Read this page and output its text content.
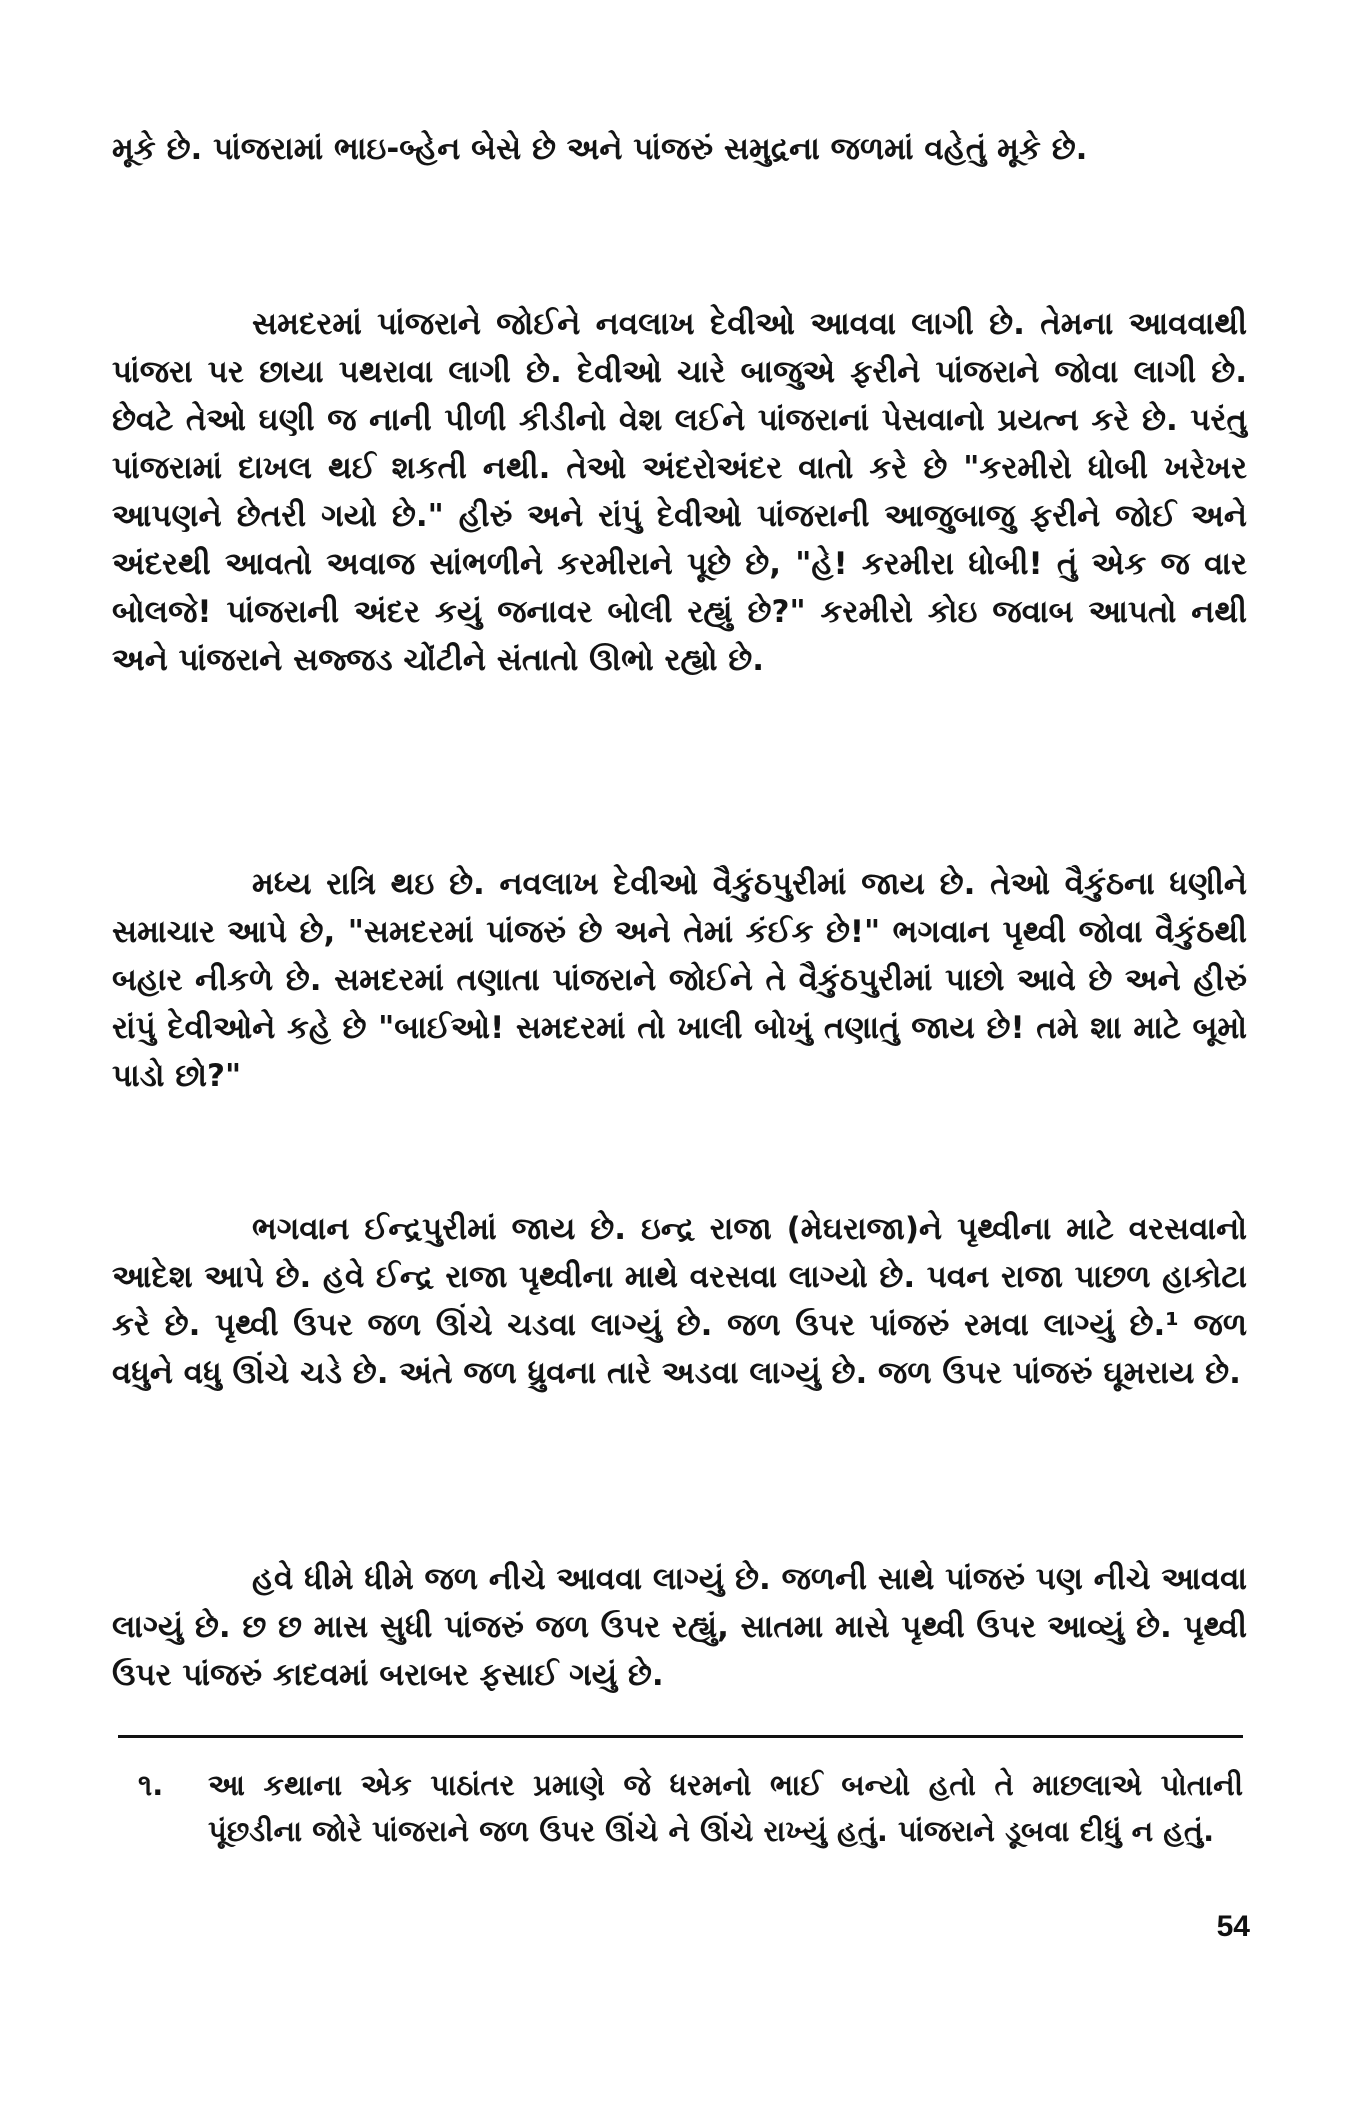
મૂકે છે. પાંજરામાં ભાઇ-બ્હેન બેસે છે અને પાંજરું સમુદ્રના જળમાં વહેતું મૂકે છે.

સમદરમાં પાંજરાને જોઈને નવલાખ દેવીઓ આવવા લાગી છે. તેમના આવવાથી પાંજરા પર છાયા પથરાવા લાગી છે. દેવીઓ ચારે બાજુએ ફરીને પાંજરાને જોવા લાગી છે. છેવટે તેઓ ઘણી જ નાની પીળી કીડીનો વેશ લઈને પાંજરાનાં પેસવાનો પ્રયત્ન કરે છે. પરંતુ પાંજરામાં દાખલ થઈ શકતી નથી. તેઓ અંદરોઅંદર વાતો કરે છે "કરમીરો ધોબી ખરેખર આપણને છેતરી ગયો છે." હીરું અને રાંપું દેવીઓ પાંજરાની આજુબાજુ ફરીને જોઈ અને અંદરથી આવતો અવાજ સાંભળીને કરમીરાને પૂછે છે, "હે! કરમીરા ધોબી! તું એક જ વાર બોલજે! પાંજરાની અંદર કયું જનાવર બોલી રહ્યું છે?" કરમીરો કોઇ જવાબ આપતો નથી અને પાંજરાને સજ્જડ ચોંટીને સંતાતો ઊભો રહ્યો છે.

મધ્ય રાત્રિ થઇ છે. નવલાખ દેવીઓ વૈકુંઠપુરીમાં જાય છે. તેઓ વૈકુંઠના ધણીને સમાચાર આપે છે, "સમદરમાં પાંજરું છે અને તેમાં કંઈક છે!" ભગવાન પૃથ્વી જોવા વૈકુંઠથી બહાર નીકળે છે. સમદરમાં તણાતા પાંજરાને જોઈને તે વૈકુંઠપુરીમાં પાછો આવે છે અને હીરું રાંપું દેવીઓને કહે છે "બાઈઓ! સમદરમાં તો ખાલી બોખું તણાતું જાય છે! તમે શા માટે બૂમો પાડો છો?"

ભગવાન ઈન્દ્રપુરીમાં જાય છે. ઇન્દ્ર રાજા (મેઘરાજા)ને પૃથ્વીના માટે વરસવાનો આદેશ આપે છે. હવે ઈન્દ્ર રાજા પૃથ્વીના માથે વરસવા લાગ્યો છે. પવન રાજા પાછળ હાકોટા કરે છે. પૃથ્વી ઉપર જળ ઊંચે ચડવા લાગ્યું છે. જળ ઉપર પાંજરું રમવા લાગ્યું છે.¹ જળ વધુને વધુ ઊંચે ચડે છે. અંતે જળ ધ્રુવના તારે અડવા લાગ્યું છે. જળ ઉપર પાંજરું ઘૂમરાય છે.

હવે ધીમે ધીમે જળ નીચે આવવા લાગ્યું છે. જળની સાથે પાંજરું પણ નીચે આવવા લાગ્યું છે. છ છ માસ સુધી પાંજરું જળ ઉપર રહ્યું, સાતમા માસે પૃથ્વી ઉપર આવ્યું છે. પૃથ્વી ઉપર પાંજરું કાદવમાં બરાબર ફસાઈ ગયું છે.

૧. આ કથાના એક પાઠાંતર પ્રમાણે જે ધરમનો ભાઈ બન્યો હતો તે માછલાએ પોતાની પૂંછડીના જોરે પાંજરાને જળ ઉપર ઊંચે ને ઊંચે રાખ્યું હતું. પાંજરાને ડૂબવા દીધું ન હતું.

54
